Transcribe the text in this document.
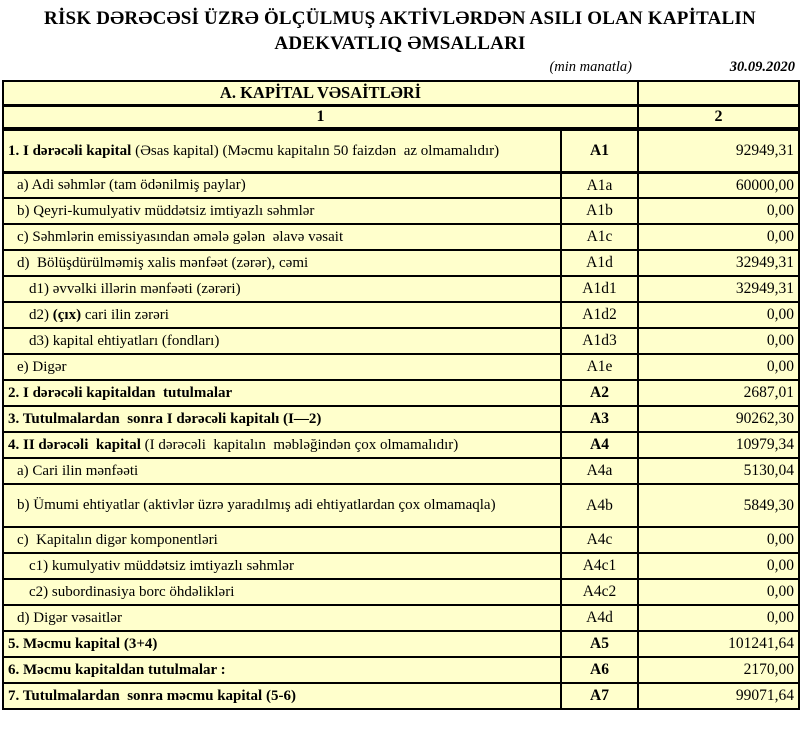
RİSK DƏRƏCƏSİ ÜZRƏ ÖLÇÜLMUŞ AKTİVLƏRDƏN ASILI OLAN KAPİTALIN ADEKVATLIQ ƏMSALLARI
(min manatla)	30.09.2020
A. KAPİTAL VƏSAİTLƏRİ		
1		2
1. I dərəcəli kapital (Əsas kapital) (Məcmu kapitalın 50 faizdən  az olmamalıdır)	A1	92949,31
a) Adi səhmlər (tam ödənilmiş paylar)	A1a	60000,00
b) Qeyri-kumulyativ müddətsiz imtiyazlı səhmlər	A1b	0,00
c) Səhmlərin emissiyasından əmələ gələn  əlavə vəsait	A1c	0,00
d)  Bölüşdürülməmiş xalis mənfəət (zərər), cəmi	A1d	32949,31
d1) əvvəlki illərin mənfəəti (zərəri)	A1d1	32949,31
d2) (çıx) cari ilin zərəri	A1d2	0,00
d3) kapital ehtiyatları (fondları)	A1d3	0,00
e) Digər	A1e	0,00
2. I dərəcəli kapitaldan  tutulmalar	A2	2687,01
3. Tutulmalardan  sonra I dərəcəli kapitalı (I—2)	A3	90262,30
4. II dərəcəli  kapital (I dərəcəli  kapitalın  məbləğindən çox olmamalıdır)	A4	10979,34
a) Cari ilin mənfəəti	A4a	5130,04
b) Ümumi ehtiyatlar (aktivlər üzrə yaradılmış adi ehtiyatlardan çox olmamaqla)	A4b	5849,30
c)  Kapitalın digər komponentləri	A4c	0,00
c1) kumulyativ müddətsiz imtiyazlı səhmlər	A4c1	0,00
c2) subordinasiya borc öhdəlikləri	A4c2	0,00
d) Digər vəsaitlər	A4d	0,00
5. Məcmu kapital (3+4)	A5	101241,64
6. Məcmu kapitaldan tutulmalar :	A6	2170,00
7. Tutulmalardan  sonra məcmu kapital (5-6)	A7	99071,64
